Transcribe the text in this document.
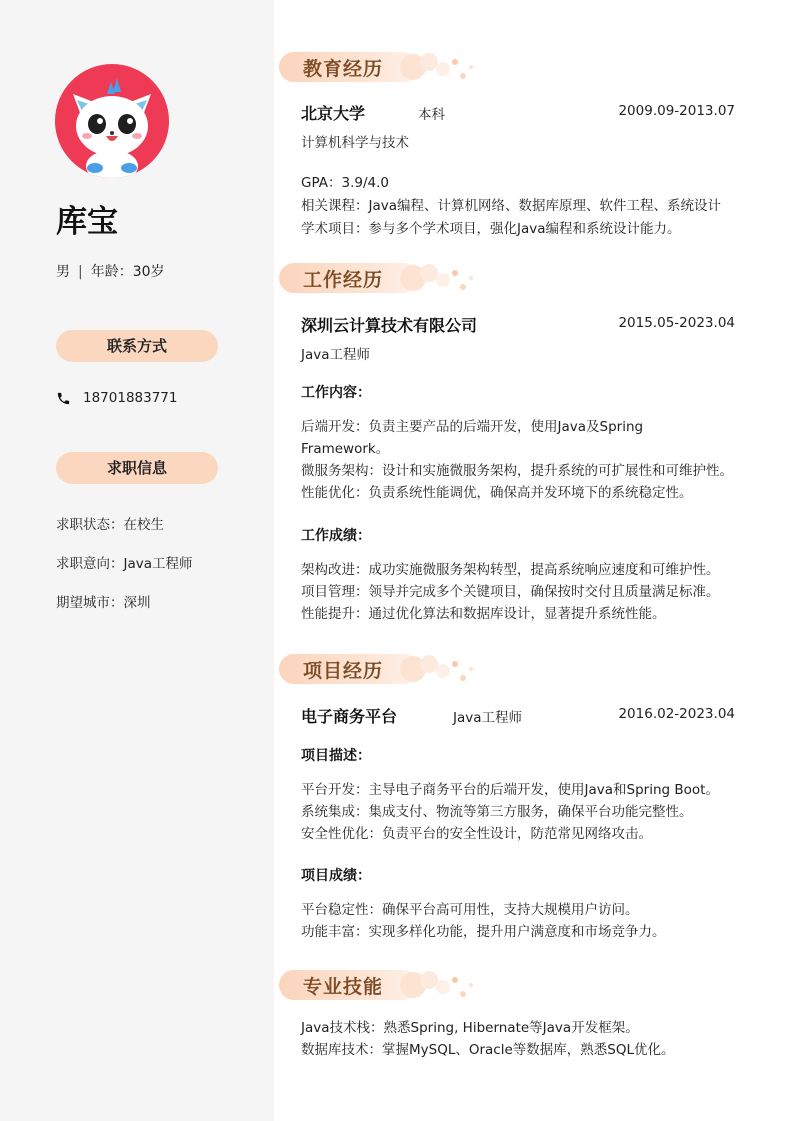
库宝
男 | 年龄：30岁
联系方式
18701883771
求职信息
求职状态：在校生
求职意向：Java工程师
期望城市：深圳
教育经历
北京大学	本科	2009.09-2013.07
计算机科学与技术
GPA：3.9/4.0
相关课程：Java编程、计算机网络、数据库原理、软件工程、系统设计
学术项目：参与多个学术项目，强化Java编程和系统设计能力。
工作经历
深圳云计算技术有限公司	2015.05-2023.04
Java工程师
工作内容：
后端开发：负责主要产品的后端开发，使用Java及Spring Framework。
微服务架构：设计和实施微服务架构，提升系统的可扩展性和可维护性。
性能优化：负责系统性能调优，确保高并发环境下的系统稳定性。
工作成绩：
架构改进：成功实施微服务架构转型，提高系统响应速度和可维护性。
项目管理：领导并完成多个关键项目，确保按时交付且质量满足标准。
性能提升：通过优化算法和数据库设计，显著提升系统性能。
项目经历
电子商务平台	Java工程师	2016.02-2023.04
项目描述：
平台开发：主导电子商务平台的后端开发，使用Java和Spring Boot。
系统集成：集成支付、物流等第三方服务，确保平台功能完整性。
安全性优化：负责平台的安全性设计，防范常见网络攻击。
项目成绩：
平台稳定性：确保平台高可用性，支持大规模用户访问。
功能丰富：实现多样化功能，提升用户满意度和市场竞争力。
专业技能
Java技术栈：熟悉Spring, Hibernate等Java开发框架。
数据库技术：掌握MySQL、Oracle等数据库，熟悉SQL优化。
